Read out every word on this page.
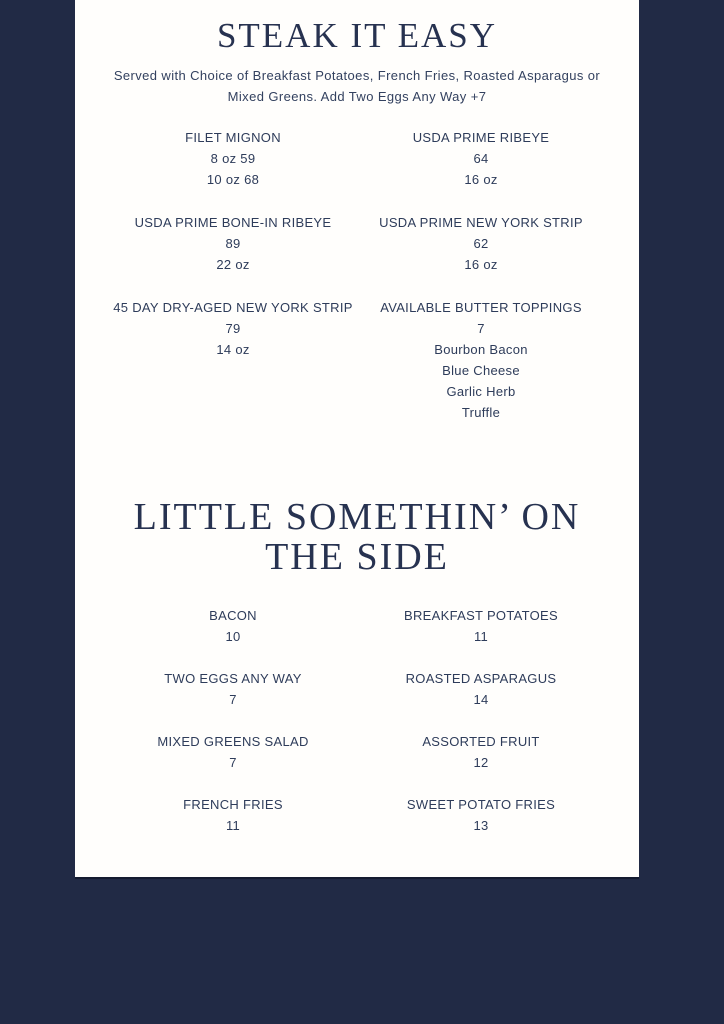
STEAK IT EASY

Served with Choice of Breakfast Potatoes, French Fries, Roasted Asparagus or Mixed Greens. Add Two Eggs Any Way +7

FILET MIGNON
8 oz 59
10 oz 68
USDA PRIME RIBEYE
64
16 oz
USDA PRIME BONE-IN RIBEYE
89
22 oz
USDA PRIME NEW YORK STRIP
62
16 oz
45 DAY DRY-AGED NEW YORK STRIP
79
14 oz
AVAILABLE BUTTER TOPPINGS
7
Bourbon Bacon
Blue Cheese
Garlic Herb
Truffle
LITTLE SOMETHIN’ ON THE SIDE
BACON
10
BREAKFAST POTATOES
11
TWO EGGS ANY WAY
7
ROASTED ASPARAGUS
14
MIXED GREENS SALAD
7
ASSORTED FRUIT
12
FRENCH FRIES
11
SWEET POTATO FRIES
13
